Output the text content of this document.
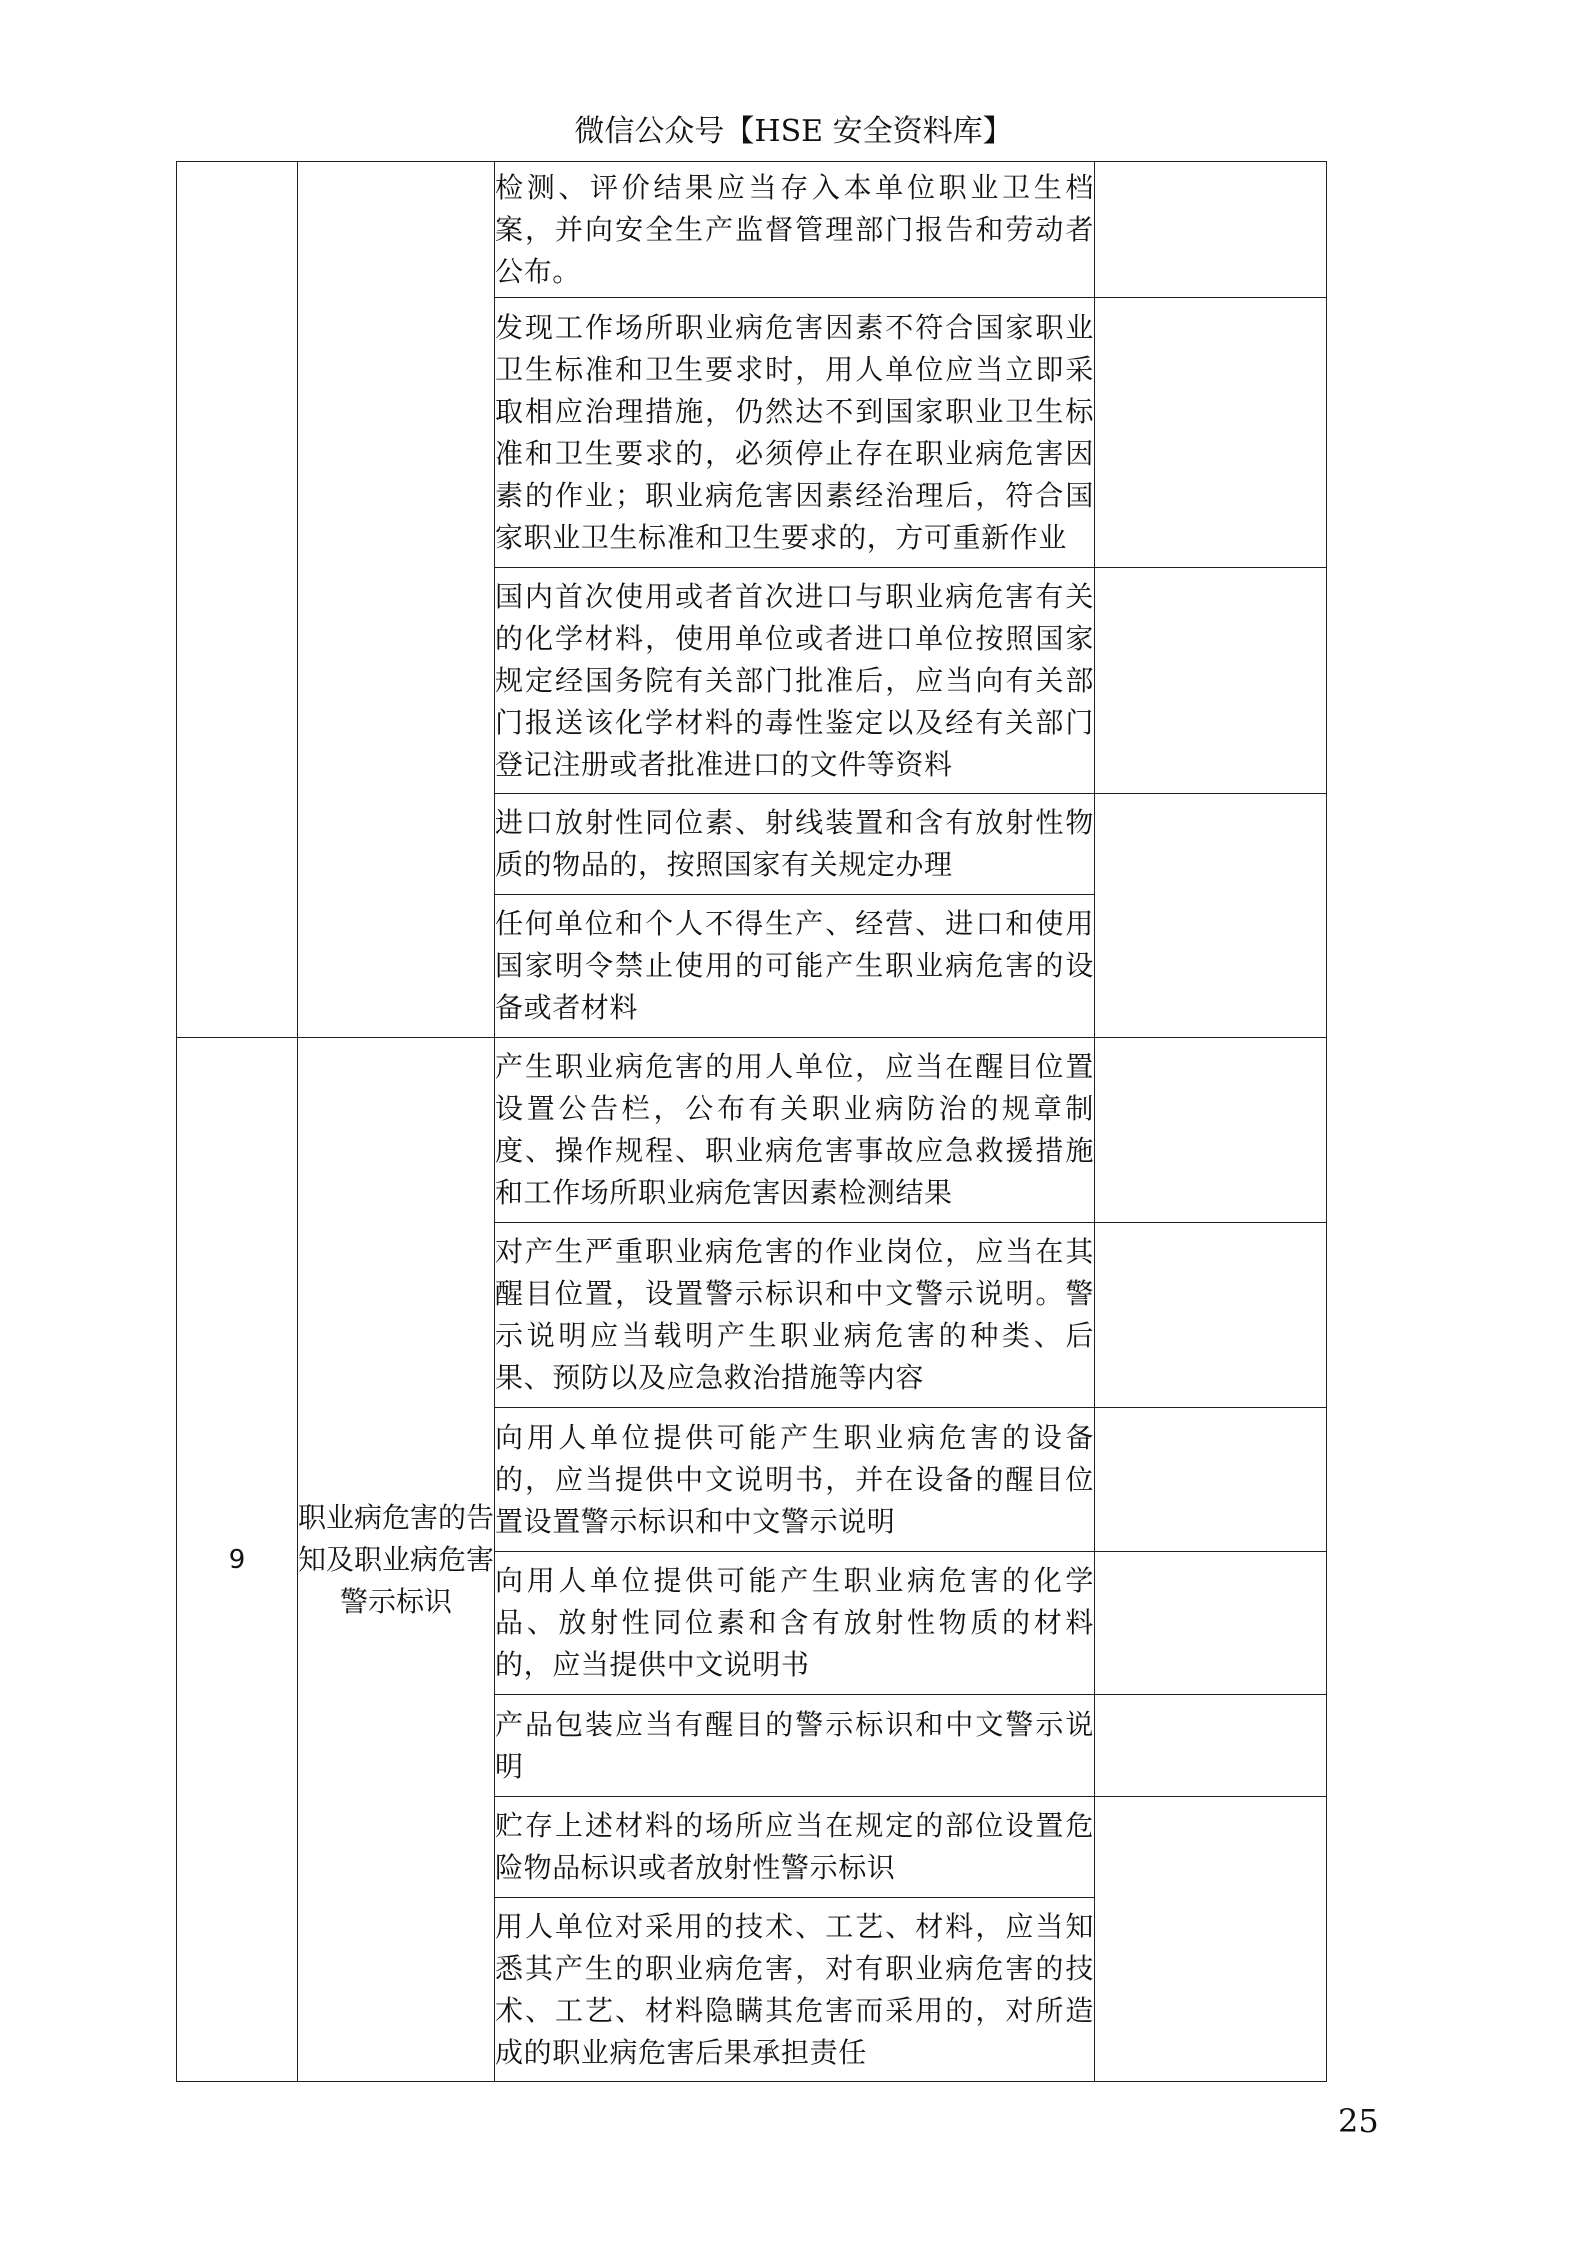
微信公众号【HSE 安全资料库】
		检测、评价结果应当存入本单位职业卫生档案，并向安全生产监督管理部门报告和劳动者公布。	
		发现工作场所职业病危害因素不符合国家职业卫生标准和卫生要求时，用人单位应当立即采取相应治理措施，仍然达不到国家职业卫生标准和卫生要求的，必须停止存在职业病危害因素的作业；职业病危害因素经治理后，符合国家职业卫生标准和卫生要求的，方可重新作业	
		国内首次使用或者首次进口与职业病危害有关的化学材料，使用单位或者进口单位按照国家规定经国务院有关部门批准后，应当向有关部门报送该化学材料的毒性鉴定以及经有关部门登记注册或者批准进口的文件等资料	
		进口放射性同位素、射线装置和含有放射性物质的物品的，按照国家有关规定办理	
		任何单位和个人不得生产、经营、进口和使用国家明令禁止使用的可能产生职业病危害的设备或者材料	
9	职业病危害的告知及职业病危害警示标识	产生职业病危害的用人单位，应当在醒目位置设置公告栏，公布有关职业病防治的规章制度、操作规程、职业病危害事故应急救援措施和工作场所职业病危害因素检测结果	
		对产生严重职业病危害的作业岗位，应当在其醒目位置，设置警示标识和中文警示说明。警示说明应当载明产生职业病危害的种类、后果、预防以及应急救治措施等内容	
		向用人单位提供可能产生职业病危害的设备的，应当提供中文说明书，并在设备的醒目位置设置警示标识和中文警示说明	
		向用人单位提供可能产生职业病危害的化学品、放射性同位素和含有放射性物质的材料的，应当提供中文说明书	
		产品包装应当有醒目的警示标识和中文警示说明	
		贮存上述材料的场所应当在规定的部位设置危险物品标识或者放射性警示标识	
		用人单位对采用的技术、工艺、材料，应当知悉其产生的职业病危害，对有职业病危害的技术、工艺、材料隐瞒其危害而采用的，对所造成的职业病危害后果承担责任	
25
